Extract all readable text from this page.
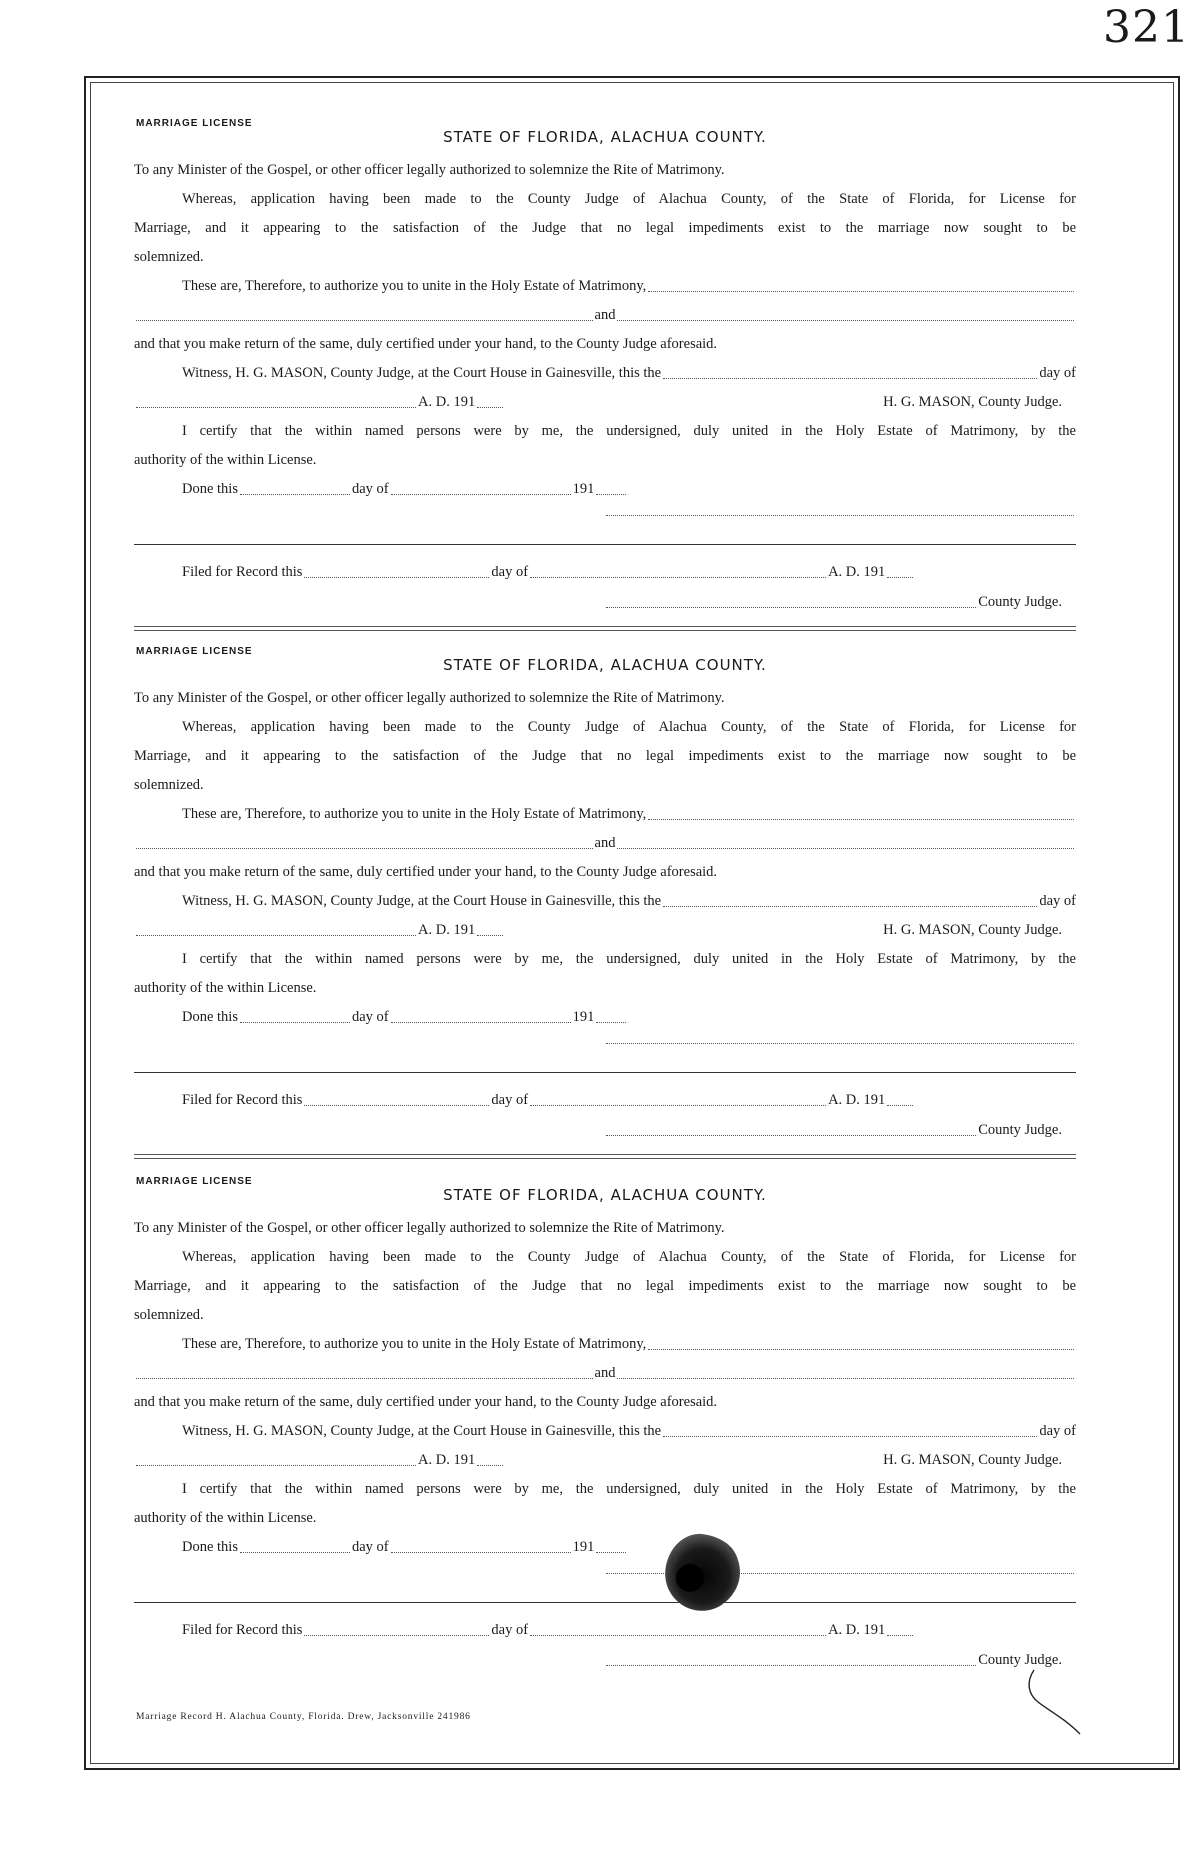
321
MARRIAGE LICENSE
STATE OF FLORIDA, ALACHUA COUNTY.
To any Minister of the Gospel, or other officer legally authorized to solemnize the Rite of Matrimony.
Whereas, application having been made to the County Judge of Alachua County, of the State of Florida, for License for
Marriage, and it appearing to the satisfaction of the Judge that no legal impediments exist to the marriage now sought to be
solemnized.
These are, Therefore, to authorize you to unite in the Holy Estate of Matrimony,
and
and that you make return of the same, duly certified under your hand, to the County Judge aforesaid.
Witness, H. G. MASON, County Judge, at the Court House in Gainesville, this the	day of
A. D. 191	H. G. MASON, County Judge.
I certify that the within named persons were by me, the undersigned, duly united in the Holy Estate of Matrimony, by the
authority of the within License.
Done this	day of	191
Filed for Record this	day of	A. D. 191
County Judge.
MARRIAGE LICENSE
STATE OF FLORIDA, ALACHUA COUNTY.
To any Minister of the Gospel, or other officer legally authorized to solemnize the Rite of Matrimony.
Whereas, application having been made to the County Judge of Alachua County, of the State of Florida, for License for
Marriage, and it appearing to the satisfaction of the Judge that no legal impediments exist to the marriage now sought to be
solemnized.
These are, Therefore, to authorize you to unite in the Holy Estate of Matrimony,
and
and that you make return of the same, duly certified under your hand, to the County Judge aforesaid.
Witness, H. G. MASON, County Judge, at the Court House in Gainesville, this the	day of
A. D. 191	H. G. MASON, County Judge.
I certify that the within named persons were by me, the undersigned, duly united in the Holy Estate of Matrimony, by the
authority of the within License.
Done this	day of	191
Filed for Record this	day of	A. D. 191
County Judge.
MARRIAGE LICENSE
STATE OF FLORIDA, ALACHUA COUNTY.
To any Minister of the Gospel, or other officer legally authorized to solemnize the Rite of Matrimony.
Whereas, application having been made to the County Judge of Alachua County, of the State of Florida, for License for
Marriage, and it appearing to the satisfaction of the Judge that no legal impediments exist to the marriage now sought to be
solemnized.
These are, Therefore, to authorize you to unite in the Holy Estate of Matrimony,
and
and that you make return of the same, duly certified under your hand, to the County Judge aforesaid.
Witness, H. G. MASON, County Judge, at the Court House in Gainesville, this the	day of
A. D. 191	H. G. MASON, County Judge.
I certify that the within named persons were by me, the undersigned, duly united in the Holy Estate of Matrimony, by the
authority of the within License.
Done this	day of	191
Filed for Record this	day of	A. D. 191
County Judge.
Marriage Record H. Alachua County, Florida. Drew, Jacksonville 241986
